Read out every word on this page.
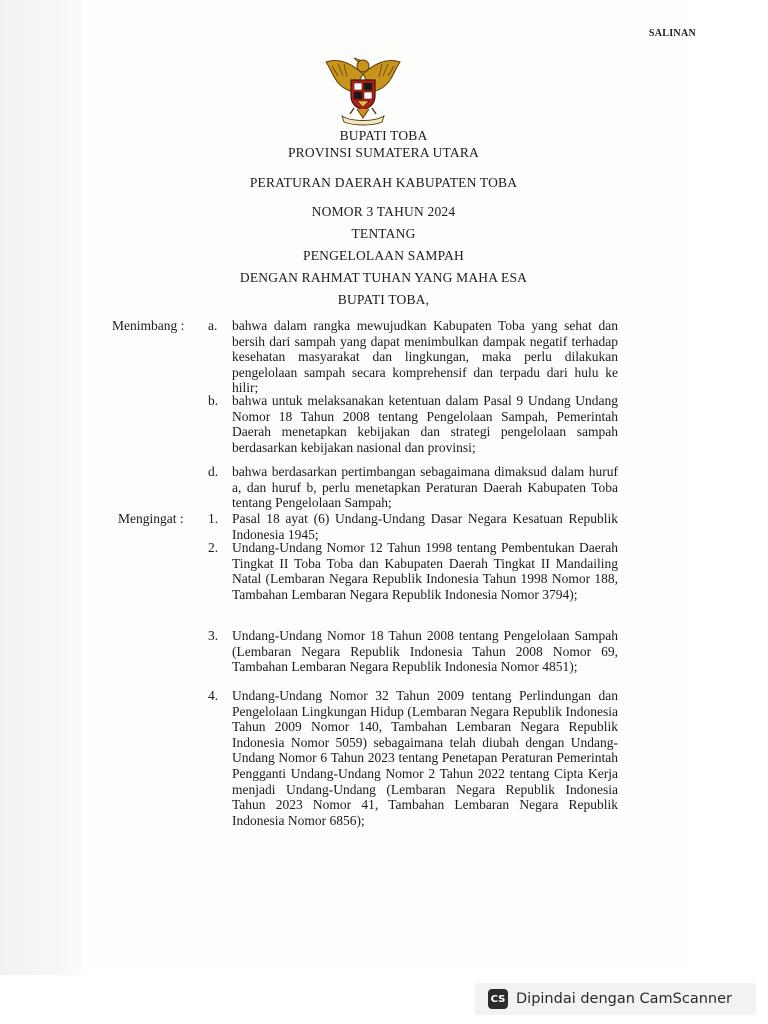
SALINAN
BUPATI TOBA
PROVINSI SUMATERA UTARA
PERATURAN DAERAH KABUPATEN TOBA
NOMOR 3 TAHUN 2024
TENTANG
PENGELOLAAN SAMPAH
DENGAN RAHMAT TUHAN YANG MAHA ESA
BUPATI TOBA,
Menimbang : a. bahwa dalam rangka mewujudkan Kabupaten Toba yang sehat dan bersih dari sampah yang dapat menimbulkan dampak negatif terhadap kesehatan masyarakat dan lingkungan, maka perlu dilakukan pengelolaan sampah secara komprehensif dan terpadu dari hulu ke hilir;
b. bahwa untuk melaksanakan ketentuan dalam Pasal 9 Undang Undang Nomor 18 Tahun 2008 tentang Pengelolaan Sampah, Pemerintah Daerah menetapkan kebijakan dan strategi pengelolaan sampah berdasarkan kebijakan nasional dan provinsi;
d. bahwa berdasarkan pertimbangan sebagaimana dimaksud dalam huruf a, dan huruf b, perlu menetapkan Peraturan Daerah Kabupaten Toba tentang Pengelolaan Sampah;
Mengingat : 1. Pasal 18 ayat (6) Undang-Undang Dasar Negara Kesatuan Republik Indonesia 1945;
2. Undang-Undang Nomor 12 Tahun 1998 tentang Pembentukan Daerah Tingkat II Toba Toba dan Kabupaten Daerah Tingkat II Mandailing Natal (Lembaran Negara Republik Indonesia Tahun 1998 Nomor 188, Tambahan Lembaran Negara Republik Indonesia Nomor 3794);
3. Undang-Undang Nomor 18 Tahun 2008 tentang Pengelolaan Sampah (Lembaran Negara Republik Indonesia Tahun 2008 Nomor 69, Tambahan Lembaran Negara Republik Indonesia Nomor 4851);
4. Undang-Undang Nomor 32 Tahun 2009 tentang Perlindungan dan Pengelolaan Lingkungan Hidup (Lembaran Negara Republik Indonesia Tahun 2009 Nomor 140, Tambahan Lembaran Negara Republik Indonesia Nomor 5059) sebagaimana telah diubah dengan Undang-Undang Nomor 6 Tahun 2023 tentang Penetapan Peraturan Pemerintah Pengganti Undang-Undang Nomor 2 Tahun 2022 tentang Cipta Kerja menjadi Undang-Undang (Lembaran Negara Republik Indonesia Tahun 2023 Nomor 41, Tambahan Lembaran Negara Republik Indonesia Nomor 6856);
CS Dipindai dengan CamScanner
